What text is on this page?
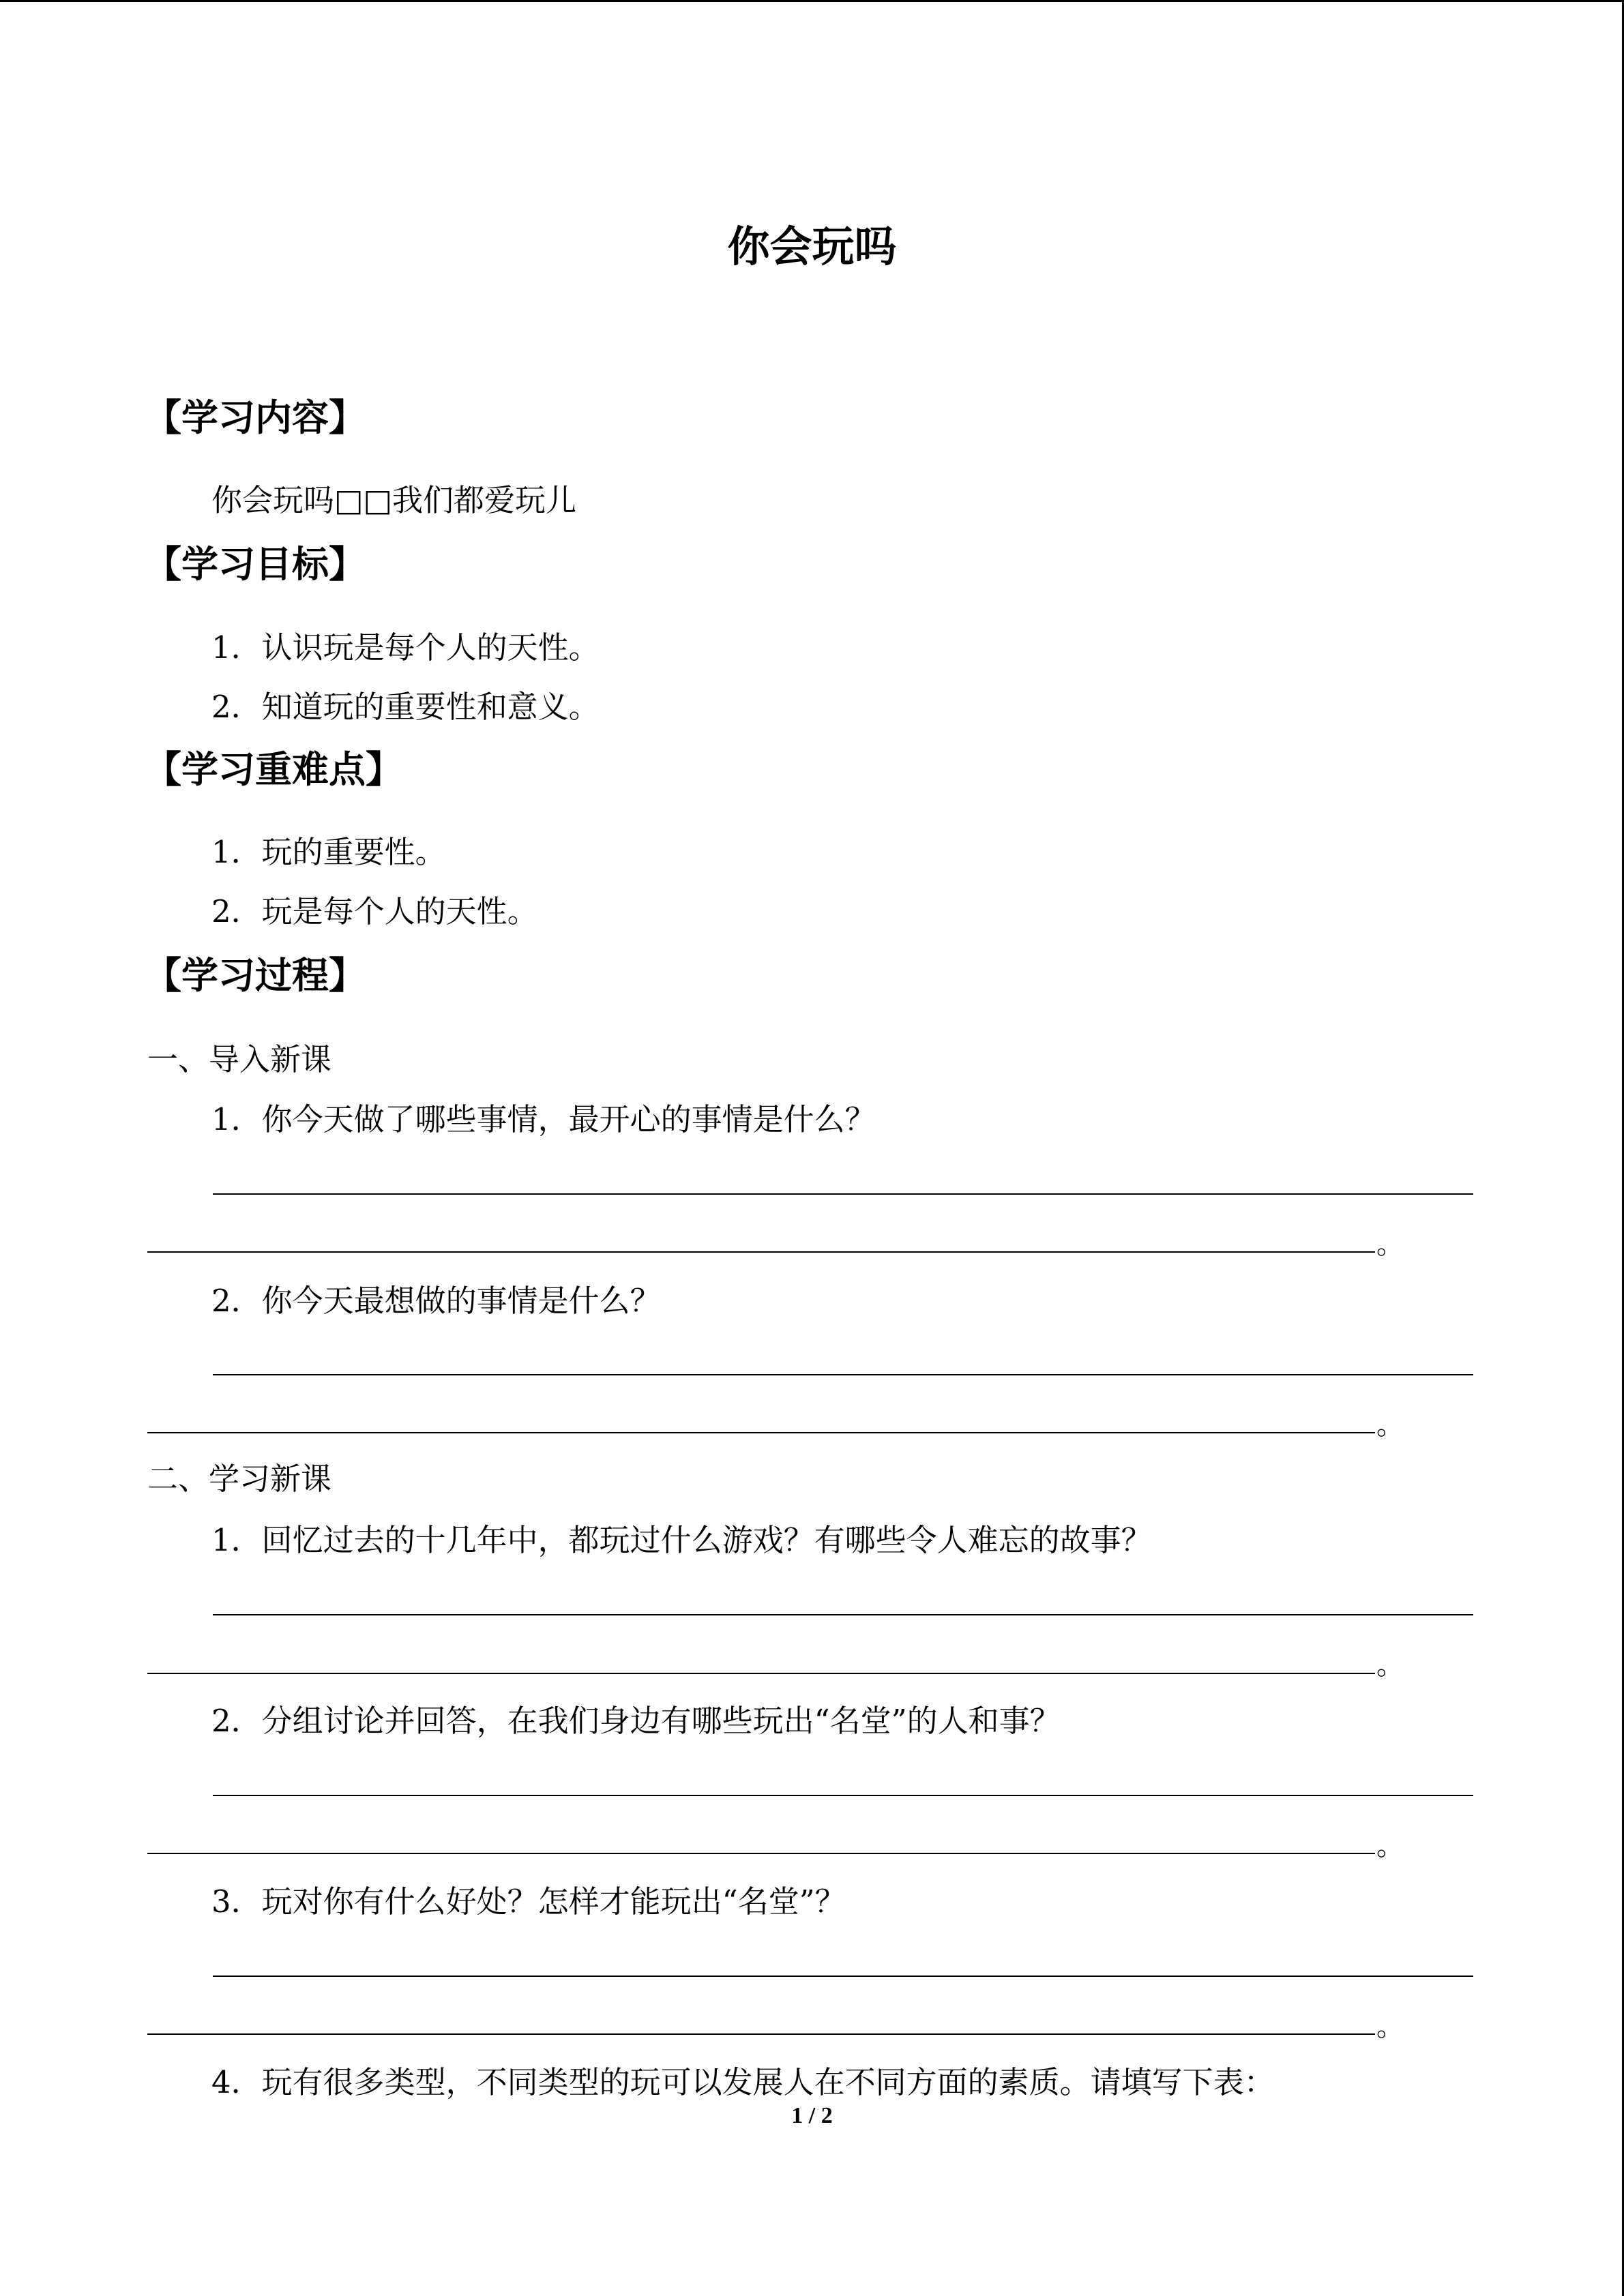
你会玩吗
【学习内容】
你会玩吗□□我们都爱玩儿
【学习目标】
1．认识玩是每个人的天性。
2．知道玩的重要性和意义。
【学习重难点】
1．玩的重要性。
2．玩是每个人的天性。
【学习过程】
一、导入新课
1．你今天做了哪些事情，最开心的事情是什么？
。
2．你今天最想做的事情是什么？
。
二、学习新课
1．回忆过去的十几年中，都玩过什么游戏？有哪些令人难忘的故事？
。
2．分组讨论并回答，在我们身边有哪些玩出“名堂”的人和事？
。
3．玩对你有什么好处？怎样才能玩出“名堂”？
。
4．玩有很多类型，不同类型的玩可以发展人在不同方面的素质。请填写下表：
1 / 2
